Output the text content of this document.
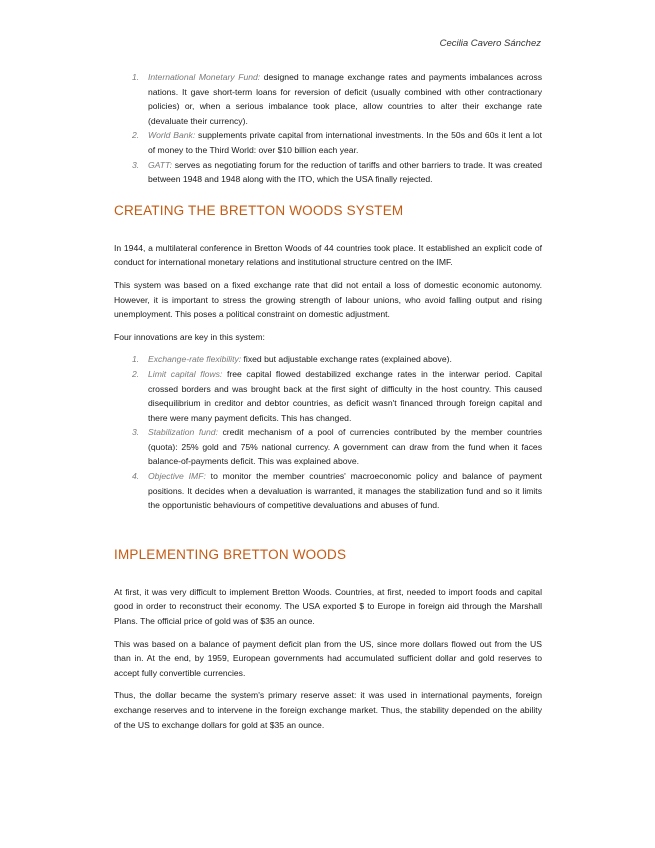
Cecilia Cavero Sánchez
1. International Monetary Fund: designed to manage exchange rates and payments imbalances across nations. It gave short-term loans for reversion of deficit (usually combined with other contractionary policies) or, when a serious imbalance took place, allow countries to alter their exchange rate (devaluate their currency).
2. World Bank: supplements private capital from international investments. In the 50s and 60s it lent a lot of money to the Third World: over $10 billion each year.
3. GATT: serves as negotiating forum for the reduction of tariffs and other barriers to trade. It was created between 1948 and 1948 along with the ITO, which the USA finally rejected.
CREATING THE BRETTON WOODS SYSTEM

In 1944, a multilateral conference in Bretton Woods of 44 countries took place. It established an explicit code of conduct for international monetary relations and institutional structure centred on the IMF.

This system was based on a fixed exchange rate that did not entail a loss of domestic economic autonomy. However, it is important to stress the growing strength of labour unions, who avoid falling output and rising unemployment. This poses a political constraint on domestic adjustment.

Four innovations are key in this system:

1. Exchange-rate flexibility: fixed but adjustable exchange rates (explained above).
2. Limit capital flows: free capital flowed destabilized exchange rates in the interwar period. Capital crossed borders and was brought back at the first sight of difficulty in the host country. This caused disequilibrium in creditor and debtor countries, as deficit wasn't financed through foreign capital and there were many payment deficits. This has changed.
3. Stabilization fund: credit mechanism of a pool of currencies contributed by the member countries (quota): 25% gold and 75% national currency. A government can draw from the fund when it faces balance-of-payments deficit. This was explained above.
4. Objective IMF: to monitor the member countries' macroeconomic policy and balance of payment positions. It decides when a devaluation is warranted, it manages the stabilization fund and so it limits the opportunistic behaviours of competitive devaluations and abuses of fund.
IMPLEMENTING BRETTON WOODS

At first, it was very difficult to implement Bretton Woods. Countries, at first, needed to import foods and capital good in order to reconstruct their economy. The USA exported $ to Europe in foreign aid through the Marshall Plans. The official price of gold was of $35 an ounce.

This was based on a balance of payment deficit plan from the US, since more dollars flowed out from the US than in. At the end, by 1959, European governments had accumulated sufficient dollar and gold reserves to accept fully convertible currencies.

Thus, the dollar became the system's primary reserve asset: it was used in international payments, foreign exchange reserves and to intervene in the foreign exchange market. Thus, the stability depended on the ability of the US to exchange dollars for gold at $35 an ounce.
